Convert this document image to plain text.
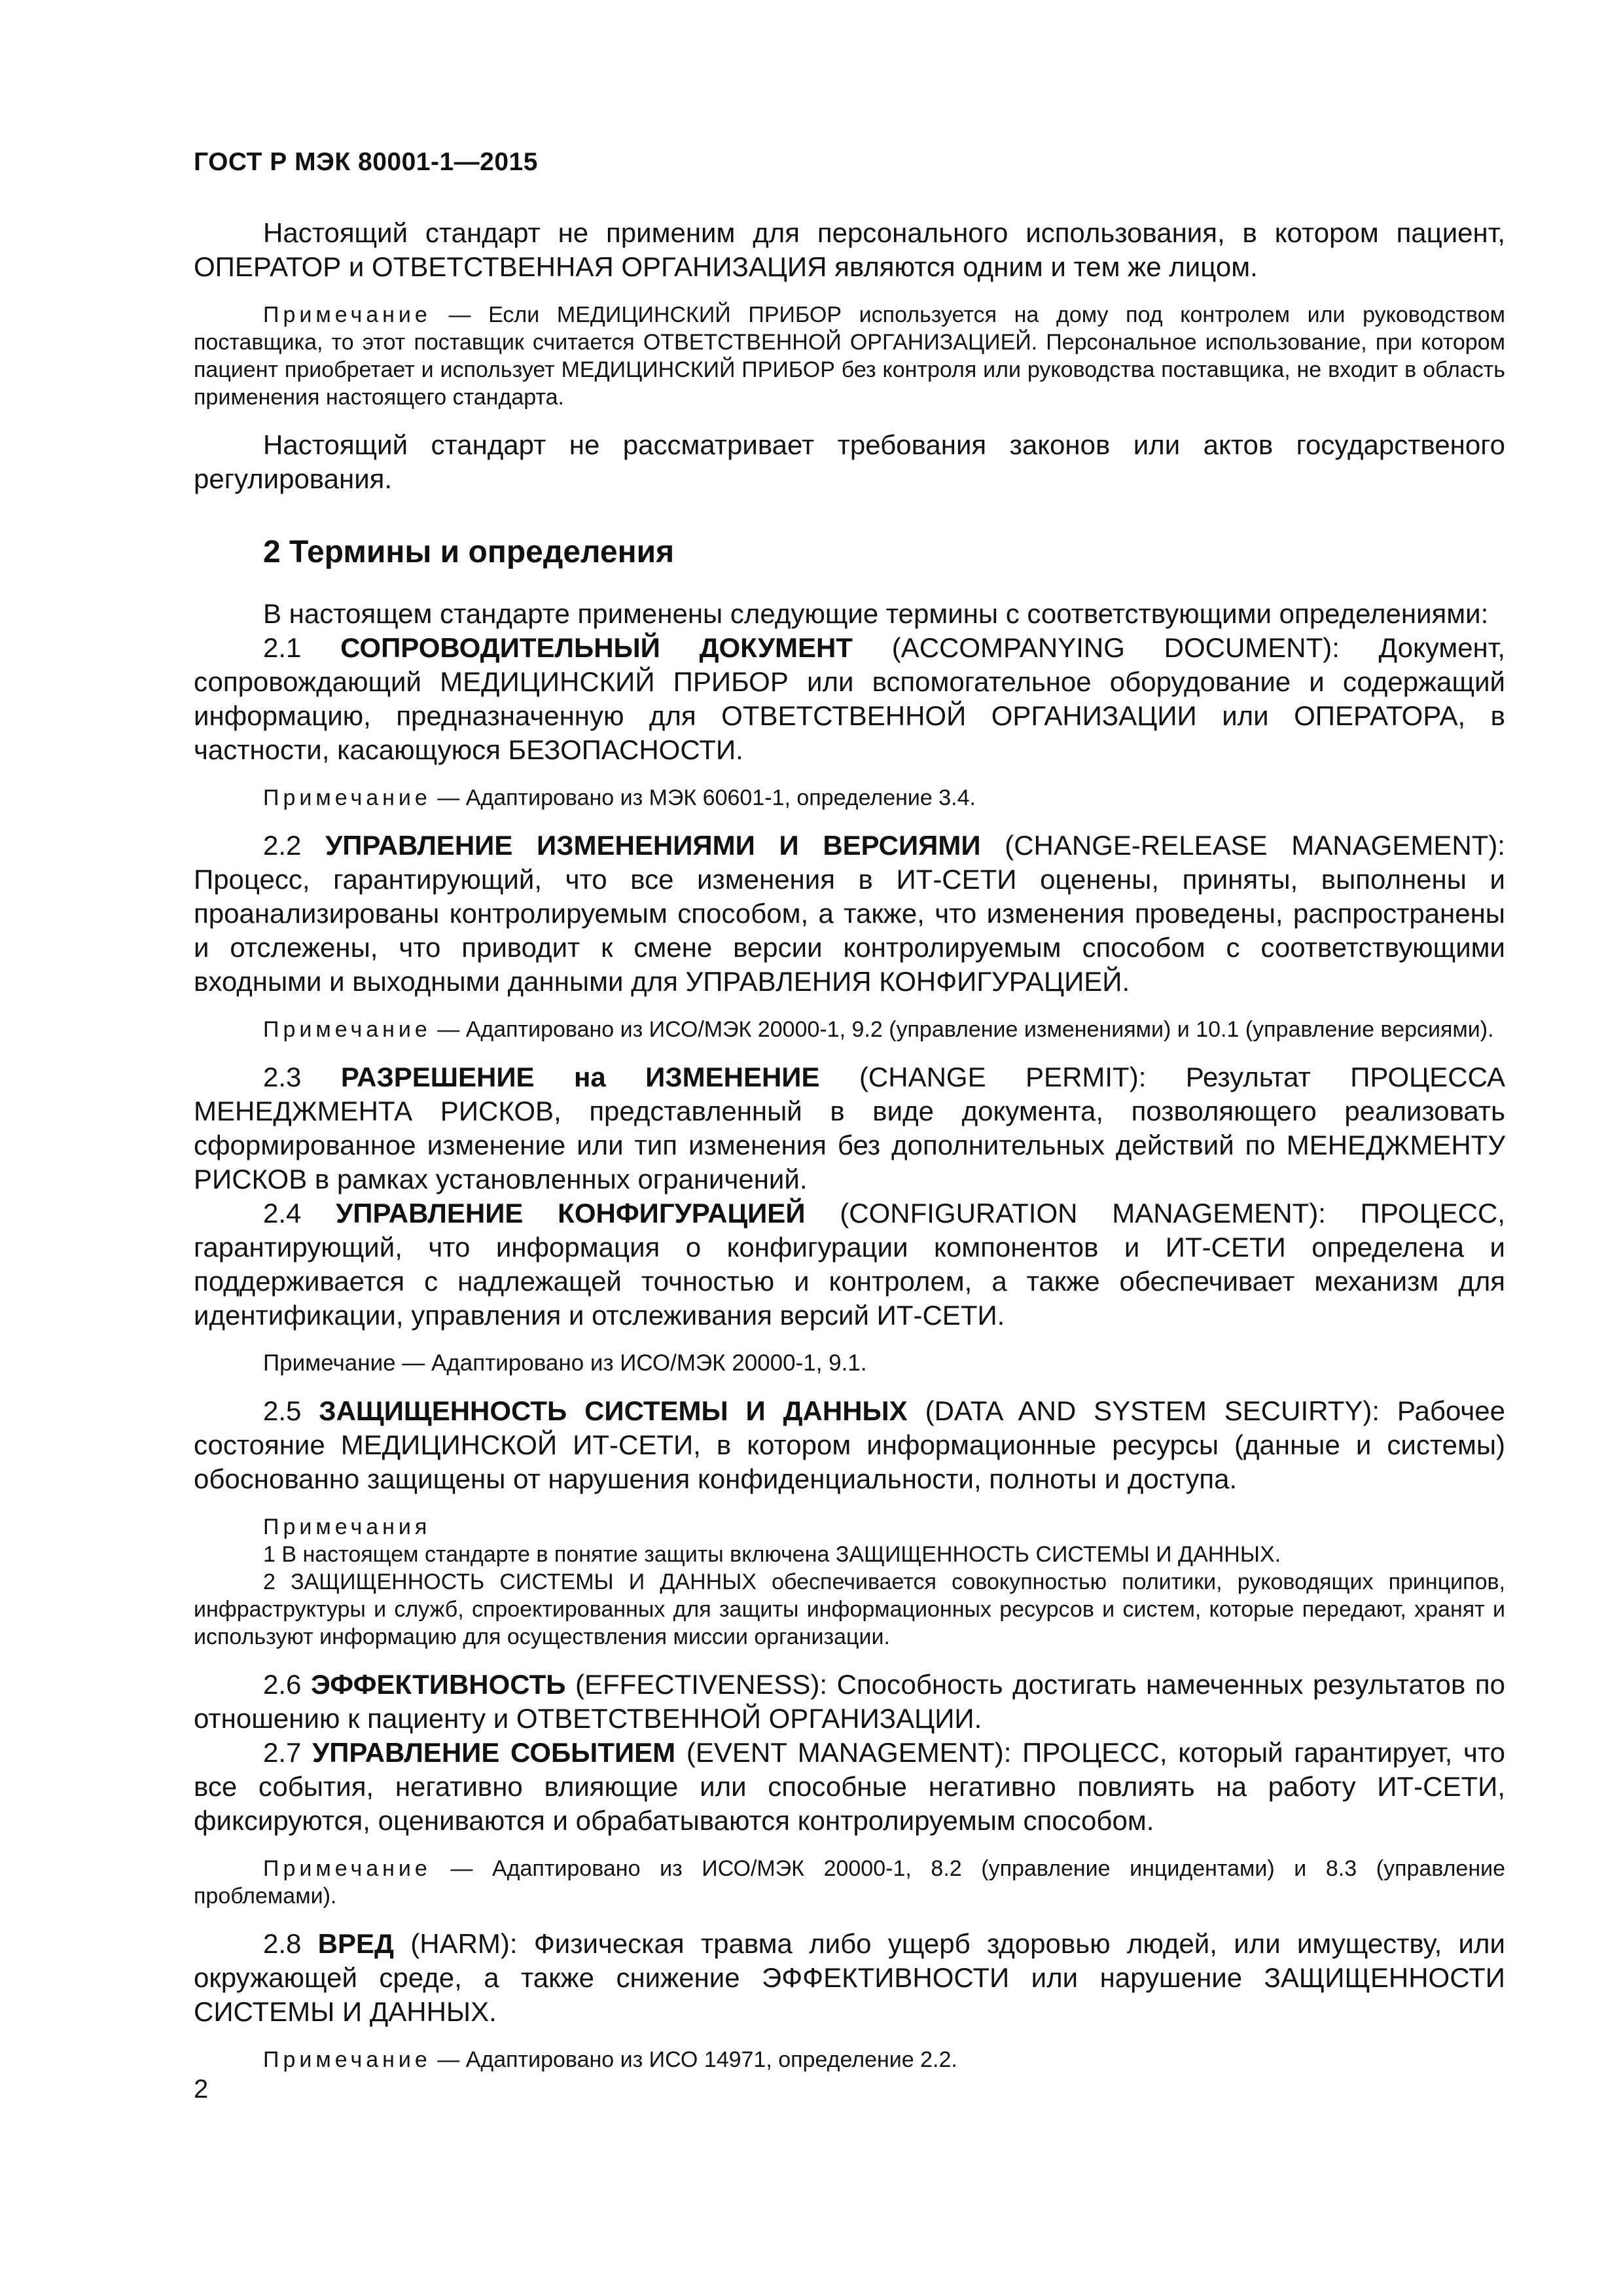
ГОСТ Р МЭК 80001-1—2015

Настоящий стандарт не применим для персонального использования, в котором пациент, ОПЕРАТОР и ОТВЕТСТВЕННАЯ ОРГАНИЗАЦИЯ являются одним и тем же лицом.

Примечание — Если МЕДИЦИНСКИЙ ПРИБОР используется на дому под контролем или руководством поставщика, то этот поставщик считается ОТВЕТСТВЕННОЙ ОРГАНИЗАЦИЕЙ. Персональное использование, при котором пациент приобретает и использует МЕДИЦИНСКИЙ ПРИБОР без контроля или руководства поставщика, не входит в область применения настоящего стандарта.

Настоящий стандарт не рассматривает требования законов или актов государственого регулирования.

2 Термины и определения

В настоящем стандарте применены следующие термины с соответствующими определениями:

2.1 СОПРОВОДИТЕЛЬНЫЙ ДОКУМЕНТ (ACCOMPANYING DOCUMENT): Документ, сопровождающий МЕДИЦИНСКИЙ ПРИБОР или вспомогательное оборудование и содержащий информацию, предназначенную для ОТВЕТСТВЕННОЙ ОРГАНИЗАЦИИ или ОПЕРАТОРА, в частности, касающуюся БЕЗОПАСНОСТИ.

Примечание — Адаптировано из МЭК 60601-1, определение 3.4.

2.2 УПРАВЛЕНИЕ ИЗМЕНЕНИЯМИ И ВЕРСИЯМИ (CHANGE-RELEASE MANAGEMENT): Процесс, гарантирующий, что все изменения в ИТ-СЕТИ оценены, приняты, выполнены и проанализированы контролируемым способом, а также, что изменения проведены, распространены и отслежены, что приводит к смене версии контролируемым способом с соответствующими входными и выходными данными для УПРАВЛЕНИЯ КОНФИГУРАЦИЕЙ.

Примечание — Адаптировано из ИСО/МЭК 20000-1, 9.2 (управление изменениями) и 10.1 (управление версиями).

2.3 РАЗРЕШЕНИЕ на ИЗМЕНЕНИЕ (CHANGE PERMIT): Результат ПРОЦЕССА МЕНЕДЖМЕНТА РИСКОВ, представленный в виде документа, позволяющего реализовать сформированное изменение или тип изменения без дополнительных действий по МЕНЕДЖМЕНТУ РИСКОВ в рамках установленных ограничений.

2.4 УПРАВЛЕНИЕ КОНФИГУРАЦИЕЙ (CONFIGURATION MANAGEMENT): ПРОЦЕСС, гарантирующий, что информация о конфигурации компонентов и ИТ-СЕТИ определена и поддерживается с надлежащей точностью и контролем, а также обеспечивает механизм для идентификации, управления и отслеживания версий ИТ-СЕТИ.

Примечание — Адаптировано из ИСО/МЭК 20000-1, 9.1.

2.5 ЗАЩИЩЕННОСТЬ СИСТЕМЫ И ДАННЫХ (DATA AND SYSTEM SECUIRTY): Рабочее состояние МЕДИЦИНСКОЙ ИТ-СЕТИ, в котором информационные ресурсы (данные и системы) обоснованно защищены от нарушения конфиденциальности, полноты и доступа.

Примечания

1 В настоящем стандарте в понятие защиты включена ЗАЩИЩЕННОСТЬ СИСТЕМЫ И ДАННЫХ.

2 ЗАЩИЩЕННОСТЬ СИСТЕМЫ И ДАННЫХ обеспечивается совокупностью политики, руководящих принципов, инфраструктуры и служб, спроектированных для защиты информационных ресурсов и систем, которые передают, хранят и используют информацию для осуществления миссии организации.

2.6 ЭФФЕКТИВНОСТЬ (EFFECTIVENESS): Способность достигать намеченных результатов по отношению к пациенту и ОТВЕТСТВЕННОЙ ОРГАНИЗАЦИИ.

2.7 УПРАВЛЕНИЕ СОБЫТИЕМ (EVENT MANAGEMENT): ПРОЦЕСС, который гарантирует, что все события, негативно влияющие или способные негативно повлиять на работу ИТ-СЕТИ, фиксируются, оцениваются и обрабатываются контролируемым способом.

Примечание — Адаптировано из ИСО/МЭК 20000-1, 8.2 (управление инцидентами) и 8.3 (управление проблемами).

2.8 ВРЕД (HARM): Физическая травма либо ущерб здоровью людей, или имуществу, или окружающей среде, а также снижение ЭФФЕКТИВНОСТИ или нарушение ЗАЩИЩЕННОСТИ СИСТЕМЫ И ДАННЫХ.

Примечание — Адаптировано из ИСО 14971, определение 2.2.

2
